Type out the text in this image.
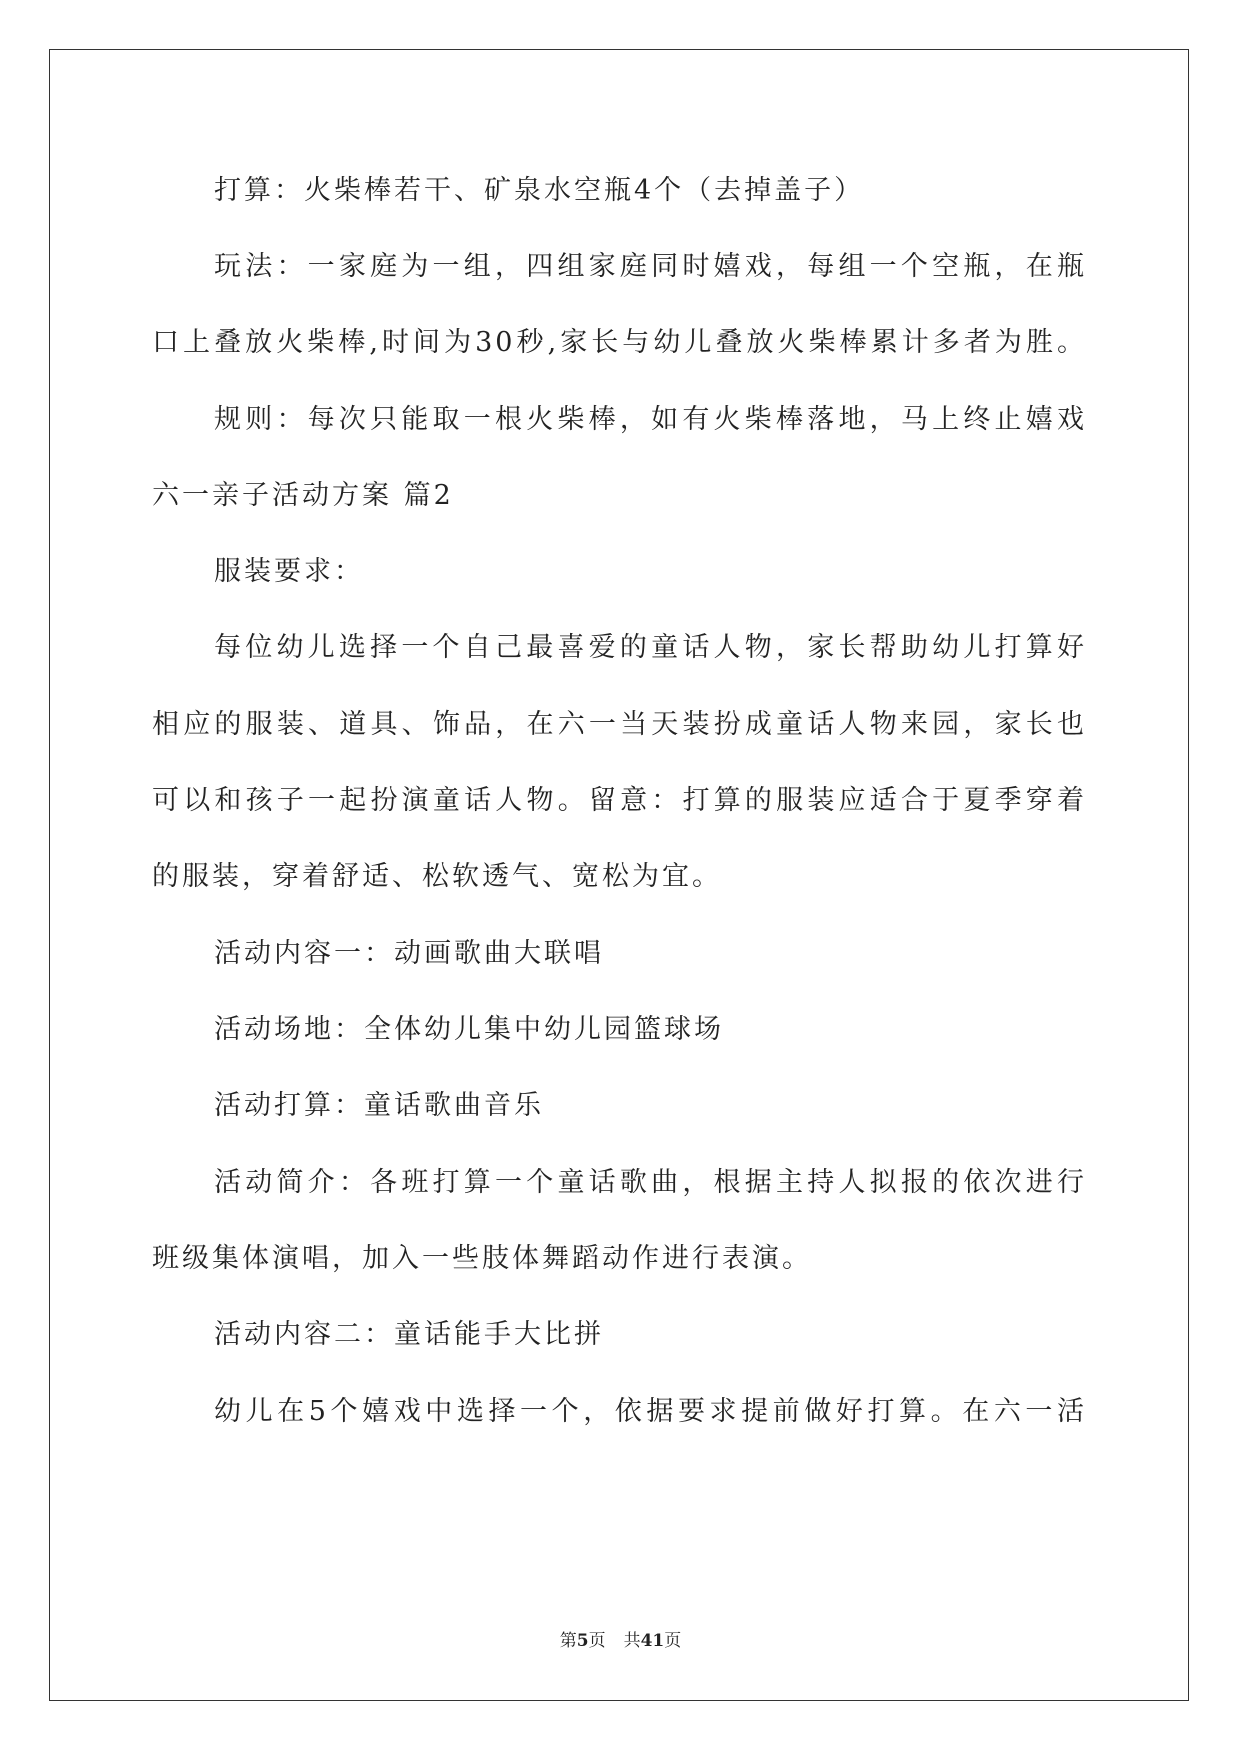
打算：火柴棒若干、矿泉水空瓶4个（去掉盖子）
玩法：一家庭为一组，四组家庭同时嬉戏，每组一个空瓶，在瓶
口上叠放火柴棒,时间为30秒,家长与幼儿叠放火柴棒累计多者为胜。
规则：每次只能取一根火柴棒，如有火柴棒落地，马上终止嬉戏
六一亲子活动方案 篇2
服装要求：
每位幼儿选择一个自己最喜爱的童话人物，家长帮助幼儿打算好
相应的服装、道具、饰品，在六一当天装扮成童话人物来园，家长也
可以和孩子一起扮演童话人物。留意：打算的服装应适合于夏季穿着
的服装，穿着舒适、松软透气、宽松为宜。
活动内容一：动画歌曲大联唱
活动场地：全体幼儿集中幼儿园篮球场
活动打算：童话歌曲音乐
活动简介：各班打算一个童话歌曲，根据主持人拟报的依次进行
班级集体演唱，加入一些肢体舞蹈动作进行表演。
活动内容二：童话能手大比拼
幼儿在5个嬉戏中选择一个，依据要求提前做好打算。在六一活
第5页 共41页
